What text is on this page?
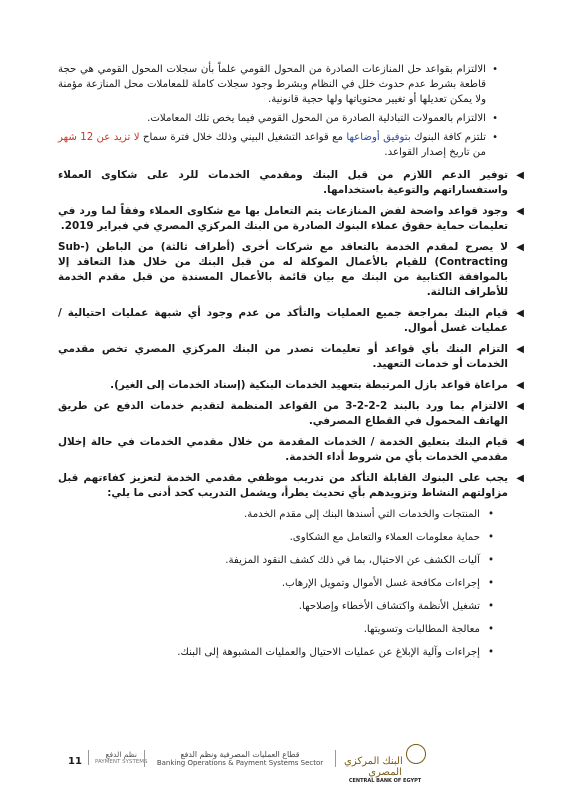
• الالتزام بقواعد حل المنازعات الصادرة من المحول القومي علماً بأن سجلات المحول القومي هي حجة قاطعة بشرط عدم حدوث خلل في النظام وبشرط وجود سجلات كاملة للمعاملات محل المنازعة مؤمنة ولا يمكن تعديلها أو تغيير محتوياتها ولها حجية قانونية.
• الالتزام بالعمولات التبادلية الصادرة من المحول القومي فيما يخص تلك المعاملات.
• تلتزم كافة البنوك بتوفيق أوضاعها مع قواعد التشغيل البيني وذلك خلال فترة سماح لا تزيد عن 12 شهر من تاريخ إصدار القواعد.
◀
توفير الدعم اللازم من قبل البنك ومقدمي الخدمات للرد على شكاوى العملاء واستفساراتهم والتوعية باستخدامها.
◀
وجود قواعد واضحة لفض المنازعات يتم التعامل بها مع شكاوى العملاء وفقاً لما ورد في تعليمات حماية حقوق عملاء البنوك الصادرة من البنك المركزي المصري في فبراير 2019.
◀
لا يصرح لمقدم الخدمة بالتعاقد مع شركات أخرى (أطراف ثالثة) من الباطن (Sub-Contracting) للقيام بالأعمال الموكلة له من قبل البنك من خلال هذا التعاقد إلا بالموافقة الكتابية من البنك مع بيان قائمة بالأعمال المسندة من قبل مقدم الخدمة للأطراف الثالثة.
◀
قيام البنك بمراجعة جميع العمليات والتأكد من عدم وجود أي شبهة عمليات احتيالية / عمليات غسل أموال.
◀
التزام البنك بأي قواعد أو تعليمات تصدر من البنك المركزي المصري تخص مقدمي الخدمات أو خدمات التعهيد.
◀
مراعاة قواعد بازل المرتبطة بتعهيد الخدمات البنكية (إسناد الخدمات إلى الغير).
◀
الالتزام بما ورد بالبند 2-2-2-3 من القواعد المنظمة لتقديم خدمات الدفع عن طريق الهاتف المحمول في القطاع المصرفي.
◀
قيام البنك بتعليق الخدمة / الخدمات المقدمة من خلال مقدمي الخدمات في حالة إخلال مقدمي الخدمات بأي من شروط أداء الخدمة.
◀
يجب على البنوك القابلة التأكد من تدريب موظفي مقدمي الخدمة لتعزيز كفاءتهم قبل مزاولتهم النشاط وتزويدهم بأي تحديث يطرأ، ويشمل التدريب كحد أدنى ما يلي:
• المنتجات والخدمات التي أسندها البنك إلى مقدم الخدمة.
• حماية معلومات العملاء والتعامل مع الشكاوى.
• آليات الكشف عن الاحتيال، بما في ذلك كشف النقود المزيفة.
• إجراءات مكافحة غسل الأموال وتمويل الإرهاب.
• تشغيل الأنظمة واكتشاف الأخطاء وإصلاحها.
• معالجة المطالبات وتسويتها.
• إجراءات وآلية الإبلاغ عن عمليات الاحتيال والعمليات المشبوهة إلى البنك.
11
نظم الدفع
PAYMENT SYSTEMS
قطاع العمليات المصرفية ونظم الدفع
Banking Operations & Payment Systems Sector	البنك المركزي المصري
CENTRAL BANK OF EGYPT
